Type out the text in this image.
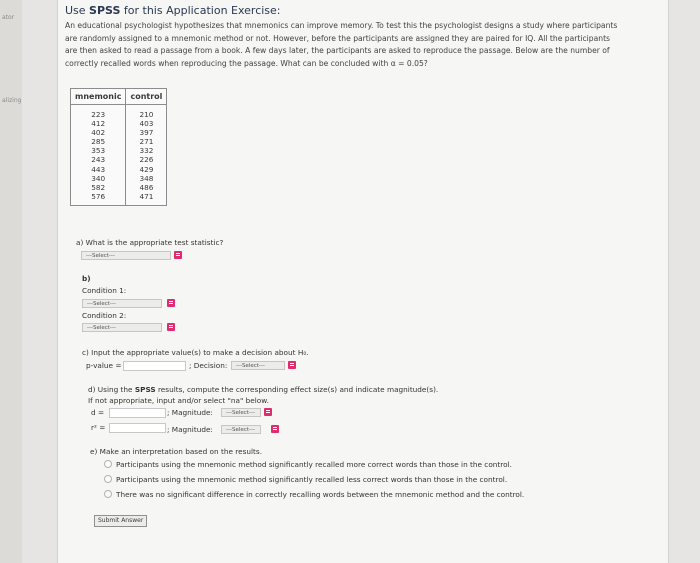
ator
alizing
Use SPSS for this Application Exercise:
An educational psychologist hypothesizes that mnemonics can improve memory. To test this the psychologist designs a study where participants
are randomly assigned to a mnemonic method or not. However, before the participants are assigned they are paired for IQ. All the participants
are then asked to read a passage from a book. A few days later, the participants are asked to reproduce the passage. Below are the number of
correctly recalled words when reproducing the passage. What can be concluded with α = 0.05?
mnemonic	control
223	210
412	403
402	397
285	271
353	332
243	226
443	429
340	348
582	486
576	471
a) What is the appropriate test statistic?
---Select---
b)
Condition 1:
---Select---
Condition 2:
---Select---
c) Input the appropriate value(s) to make a decision about H₀.
p-value =	; Decision:	---Select---
d) Using the SPSS results, compute the corresponding effect size(s) and indicate magnitude(s).
If not appropriate, input and/or select "na" below.
d =	; Magnitude:	---Select---
r² =	; Magnitude:	---Select---
e) Make an interpretation based on the results.
Participants using the mnemonic method significantly recalled more correct words than those in the control.
Participants using the mnemonic method significantly recalled less correct words than those in the control.
There was no significant difference in correctly recalling words between the mnemonic method and the control.
Submit Answer
